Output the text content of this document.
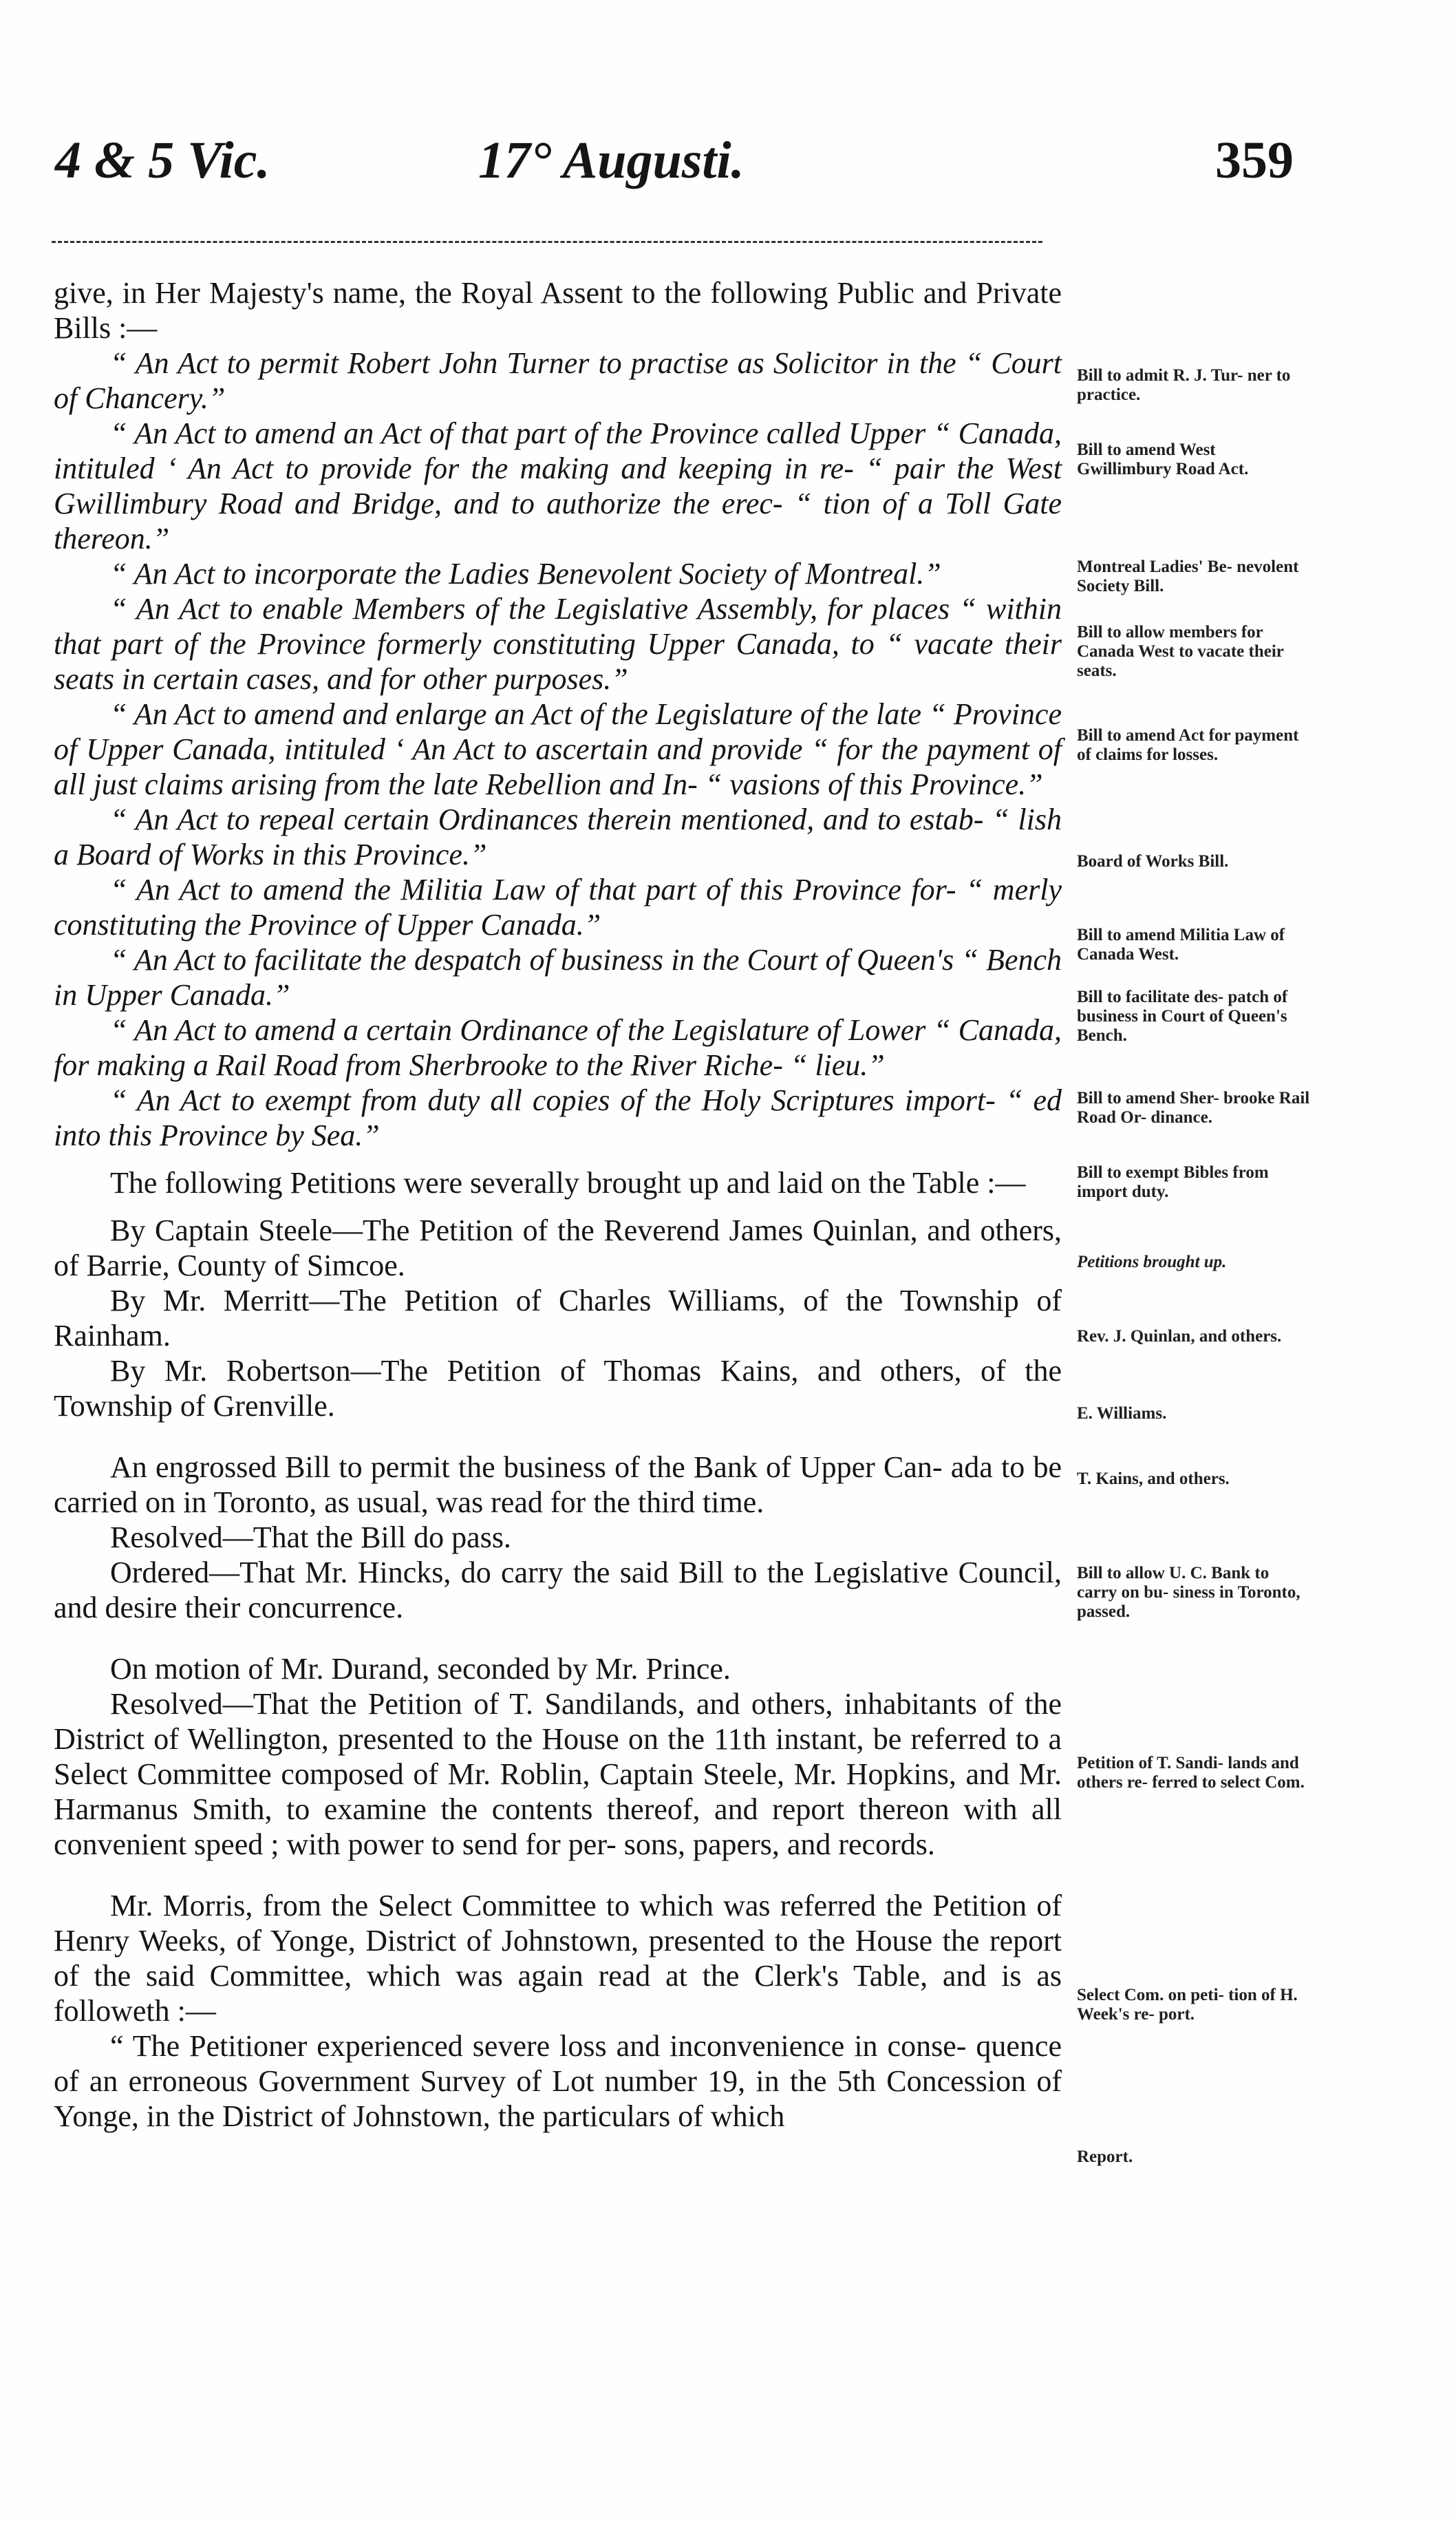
4 & 5 Vic.	17° Augusti.	359

give, in Her Majesty's name, the Royal Assent to the following Public and Private Bills :—

“ An Act to permit Robert John Turner to practise as Solicitor in the “ Court of Chancery.”

“ An Act to amend an Act of that part of the Province called Upper “ Canada, intituled ‘ An Act to provide for the making and keeping in re- “ pair the West Gwillimbury Road and Bridge, and to authorize the erec- “ tion of a Toll Gate thereon.”

“ An Act to incorporate the Ladies Benevolent Society of Montreal.”

“ An Act to enable Members of the Legislative Assembly, for places “ within that part of the Province formerly constituting Upper Canada, to “ vacate their seats in certain cases, and for other purposes.”

“ An Act to amend and enlarge an Act of the Legislature of the late “ Province of Upper Canada, intituled ‘ An Act to ascertain and provide “ for the payment of all just claims arising from the late Rebellion and In- “ vasions of this Province.”

“ An Act to repeal certain Ordinances therein mentioned, and to estab- “ lish a Board of Works in this Province.”

“ An Act to amend the Militia Law of that part of this Province for- “ merly constituting the Province of Upper Canada.”

“ An Act to facilitate the despatch of business in the Court of Queen's “ Bench in Upper Canada.”

“ An Act to amend a certain Ordinance of the Legislature of Lower “ Canada, for making a Rail Road from Sherbrooke to the River Riche- “ lieu.”

“ An Act to exempt from duty all copies of the Holy Scriptures import- “ ed into this Province by Sea.”

The following Petitions were severally brought up and laid on the Table :—

By Captain Steele—The Petition of the Reverend James Quinlan, and others, of Barrie, County of Simcoe.

By Mr. Merritt—The Petition of Charles Williams, of the Township of Rainham.

By Mr. Robertson—The Petition of Thomas Kains, and others, of the Township of Grenville.

An engrossed Bill to permit the business of the Bank of Upper Can- ada to be carried on in Toronto, as usual, was read for the third time.

Resolved—That the Bill do pass.

Ordered—That Mr. Hincks, do carry the said Bill to the Legislative Council, and desire their concurrence.

On motion of Mr. Durand, seconded by Mr. Prince.

Resolved—That the Petition of T. Sandilands, and others, inhabitants of the District of Wellington, presented to the House on the 11th instant, be referred to a Select Committee composed of Mr. Roblin, Captain Steele, Mr. Hopkins, and Mr. Harmanus Smith, to examine the contents thereof, and report thereon with all convenient speed ; with power to send for per- sons, papers, and records.

Mr. Morris, from the Select Committee to which was referred the Petition of Henry Weeks, of Yonge, District of Johnstown, presented to the House the report of the said Committee, which was again read at the Clerk's Table, and is as followeth :—

“ The Petitioner experienced severe loss and inconvenience in conse- quence of an erroneous Government Survey of Lot number 19, in the 5th Concession of Yonge, in the District of Johnstown, the particulars of which

Bill to admit R. J. Tur- ner to practice.
Bill to amend West Gwillimbury Road Act.
Montreal Ladies' Be- nevolent Society Bill.
Bill to allow members for Canada West to vacate their seats.
Bill to amend Act for payment of claims for losses.
Board of Works Bill.
Bill to amend Militia Law of Canada West.
Bill to facilitate des- patch of business in Court of Queen's Bench.
Bill to amend Sher- brooke Rail Road Or- dinance.
Bill to exempt Bibles from import duty.
Petitions brought up.
Rev. J. Quinlan, and others.
E. Williams.
T. Kains, and others.
Bill to allow U. C. Bank to carry on bu- siness in Toronto, passed.
Petition of T. Sandi- lands and others re- ferred to select Com.
Select Com. on peti- tion of H. Week's re- port.
Report.
